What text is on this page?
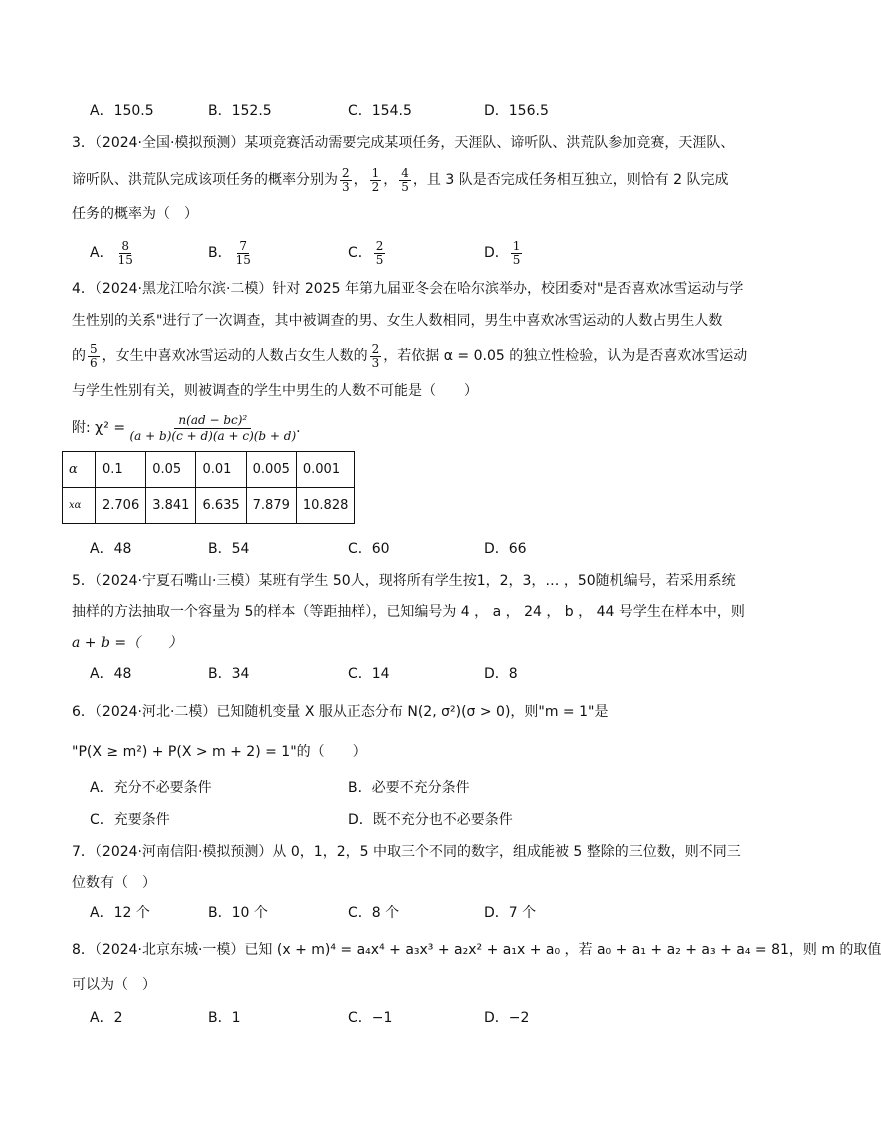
A．150.5	B．152.5	C．154.5	D．156.5
3．（2024·全国·模拟预测）某项竞赛活动需要完成某项任务，天涯队、谛听队、洪荒队参加竞赛，天涯队、
谛听队、洪荒队完成该项任务的概率分别为 $\frac{2}{3}$ ， $\frac{1}{2}$ ， $\frac{4}{5}$ ，且 3 队是否完成任务相互独立，则恰有 2 队完成
任务的概率为（　）
A． $\frac{8}{15}$	B． $\frac{7}{15}$	C． $\frac{2}{5}$	D． $\frac{1}{5}$
4．（2024·黑龙江哈尔滨·二模）针对 2025 年第九届亚冬会在哈尔滨举办，校团委对"是否喜欢冰雪运动与学
生性别的关系"进行了一次调查，其中被调查的男、女生人数相同，男生中喜欢冰雪运动的人数占男生人数
的 $\frac{5}{6}$ ，女生中喜欢冰雪运动的人数占女生人数的 $\frac{2}{3}$ ，若依据 α = 0.05 的独立性检验，认为是否喜欢冰雪运动
与学生性别有关，则被调查的学生中男生的人数不可能是（　　）
附: $\chi^2 = \frac{\text{n(ad − bc)²}}{(a + b)(c + d)(a + c)(b + d)}$ .
α	0.1	0.05	0.01	0.005	0.001
xα	2.706	3.841	6.635	7.879	10.828
A．48	B．54	C．60	D．66
5．（2024·宁夏石嘴山·三模）某班有学生 50人，现将所有学生按1，2，3，… ，50随机编号，若采用系统
抽样的方法抽取一个容量为 5的样本（等距抽样），已知编号为 4 ， a ， 24 ， b ， 44 号学生在样本中，则
a + b =（　　）
A．48	B．34	C．14	D．8
6．（2024·河北·二模）已知随机变量 X 服从正态分布 N(2, σ²)(σ > 0)，则"m = 1"是
"P(X ≥ m²) + P(X > m + 2) = 1"的（　　）
A．充分不必要条件	B．必要不充分条件
C．充要条件	D．既不充分也不必要条件
7．（2024·河南信阳·模拟预测）从 0，1，2，5 中取三个不同的数字，组成能被 5 整除的三位数，则不同三
位数有（　）
A．12 个	B．10 个	C．8 个	D．7 个
8．（2024·北京东城·一模）已知 (x + m)⁴ = a₄x⁴ + a₃x³ + a₂x² + a₁x + a₀ ，若 a₀ + a₁ + a₂ + a₃ + a₄ = 81，则 m 的取值
可以为（　）
A．2	B．1	C．−1	D．−2
